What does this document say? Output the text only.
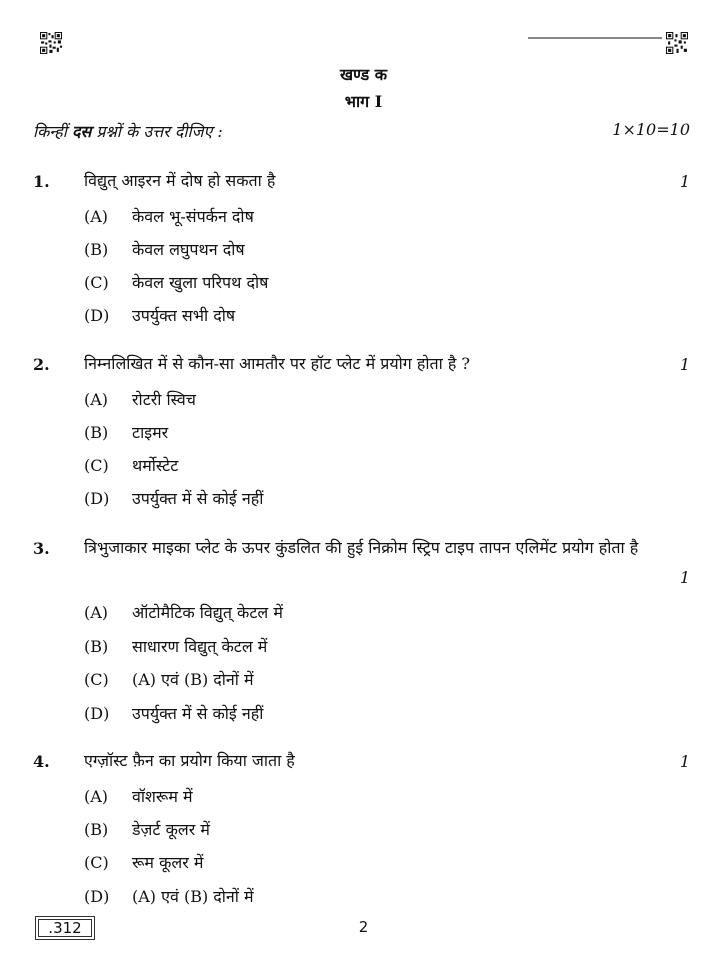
खण्ड क
भाग I
किन्हीं दस प्रश्नों के उत्तर दीजिए :	1×10=10
1. विद्युत् आइरन में दोष हो सकता है	1
(A) केवल भू-संपर्कन दोष
(B) केवल लघुपथन दोष
(C) केवल खुला परिपथ दोष
(D) उपर्युक्त सभी दोष
2. निम्नलिखित में से कौन-सा आमतौर पर हॉट प्लेट में प्रयोग होता है ?	1
(A) रोटरी स्विच
(B) टाइमर
(C) थर्मोस्टेट
(D) उपर्युक्त में से कोई नहीं
3. त्रिभुजाकार माइका प्लेट के ऊपर कुंडलित की हुई निक्रोम स्ट्रिप टाइप तापन एलिमेंट प्रयोग होता है
1
(A) ऑटोमैटिक विद्युत् केटल में
(B) साधारण विद्युत् केटल में
(C) (A) एवं (B) दोनों में
(D) उपर्युक्त में से कोई नहीं
4. एग्ज़ॉस्ट फ़ैन का प्रयोग किया जाता है	1
(A) वॉशरूम में
(B) डेज़र्ट कूलर में
(C) रूम कूलर में
(D) (A) एवं (B) दोनों में
.312	2
